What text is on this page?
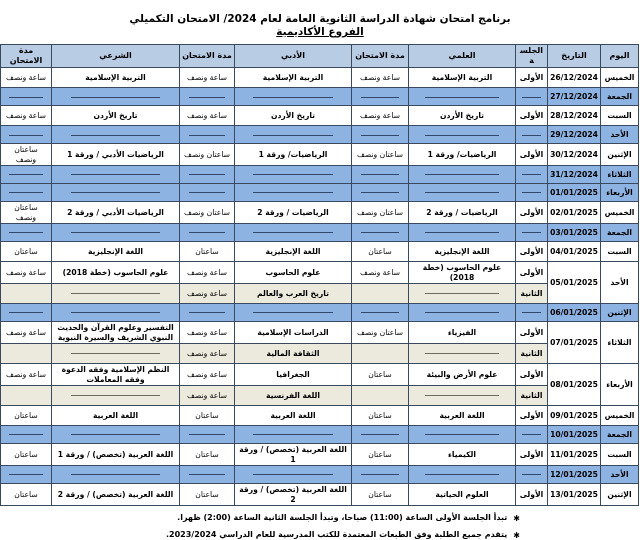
برنامج امتحان شهادة الدراسة الثانوية العامة لعام 2024/ الامتحان التكميلي
الفروع الأكاديمية
اليوم	التاريخ	الجلسة	العلمي	مدة الامتحان	الأدبي	مدة الامتحان	الشرعي	مدة الامتحان
الخميس	26/12/2024	الأولى	التربية الإسلامية	ساعة ونصف	التربية الإسلامية	ساعة ونصف	التربية الإسلامية	ساعة ونصف
الجمعة	27/12/2024							
السبت	28/12/2024	الأولى	تاريخ الأردن	ساعة ونصف	تاريخ الأردن	ساعة ونصف	تاريخ الأردن	ساعة ونصف
الأحد	29/12/2024							
الإثنين	30/12/2024	الأولى	الرياضيات/ ورقة 1	ساعتان ونصف	الرياضيات/ ورقة 1	ساعتان ونصف	الرياضيات الأدبي / ورقة 1	ساعتان ونصف
الثلاثاء	31/12/2024							
الأربعاء	01/01/2025							
الخميس	02/01/2025	الأولى	الرياضيات / ورقة 2	ساعتان ونصف	الرياضيات / ورقة 2	ساعتان ونصف	الرياضيات الأدبي / ورقة 2	ساعتان ونصف
الجمعة	03/01/2025							
السبت	04/01/2025	الأولى	اللغة الإنجليزية	ساعتان	اللغة الإنجليزية	ساعتان	اللغة الإنجليزية	ساعتان
الأحد	05/01/2025	الأولى	علوم الحاسوب (خطة 2018)	ساعة ونصف	علوم الحاسوب	ساعة ونصف	علوم الحاسوب (خطة 2018)	ساعة ونصف
		الثانية			تاريخ العرب والعالم	ساعة ونصف		
الإثنين	06/01/2025							
الثلاثاء	07/01/2025	الأولى	الفيزياء	ساعتان ونصف	الدراسات الإسلامية	ساعة ونصف	التفسير وعلوم القرآن والحديث النبوي الشريف والسيرة النبوية	ساعة ونصف
		الثانية			الثقافة المالية	ساعة ونصف		
الأربعاء	08/01/2025	الأولى	علوم الأرض والبيئة	ساعتان	الجغرافيا	ساعة ونصف	النظم الإسلامية وفقه الدعوة وفقه المعاملات	ساعة ونصف
		الثانية			اللغة الفرنسية	ساعة ونصف		
الخميس	09/01/2025	الأولى	اللغة العربية	ساعتان	اللغة العربية	ساعتان	اللغة العربية	ساعتان
الجمعة	10/01/2025							
السبت	11/01/2025	الأولى	الكيمياء	ساعتان	اللغة العربية (تخصص) / ورقة 1	ساعتان	اللغة العربية (تخصص) / ورقة 1	ساعتان
الأحد	12/01/2025							
الإثنين	13/01/2025	الأولى	العلوم الحياتية	ساعتان	اللغة العربية (تخصص) / ورقة 2	ساعتان	اللغة العربية (تخصص) / ورقة 2	ساعتان
✱
تبدأ الجلسة الأولى الساعة (11:00) صباحا، وتبدأ الجلسة الثانية الساعة (2:00) ظهرا.
✱
يتقدم جميع الطلبة وفق الطبعات المعتمدة للكتب المدرسية للعام الدراسي 2023/2024.
